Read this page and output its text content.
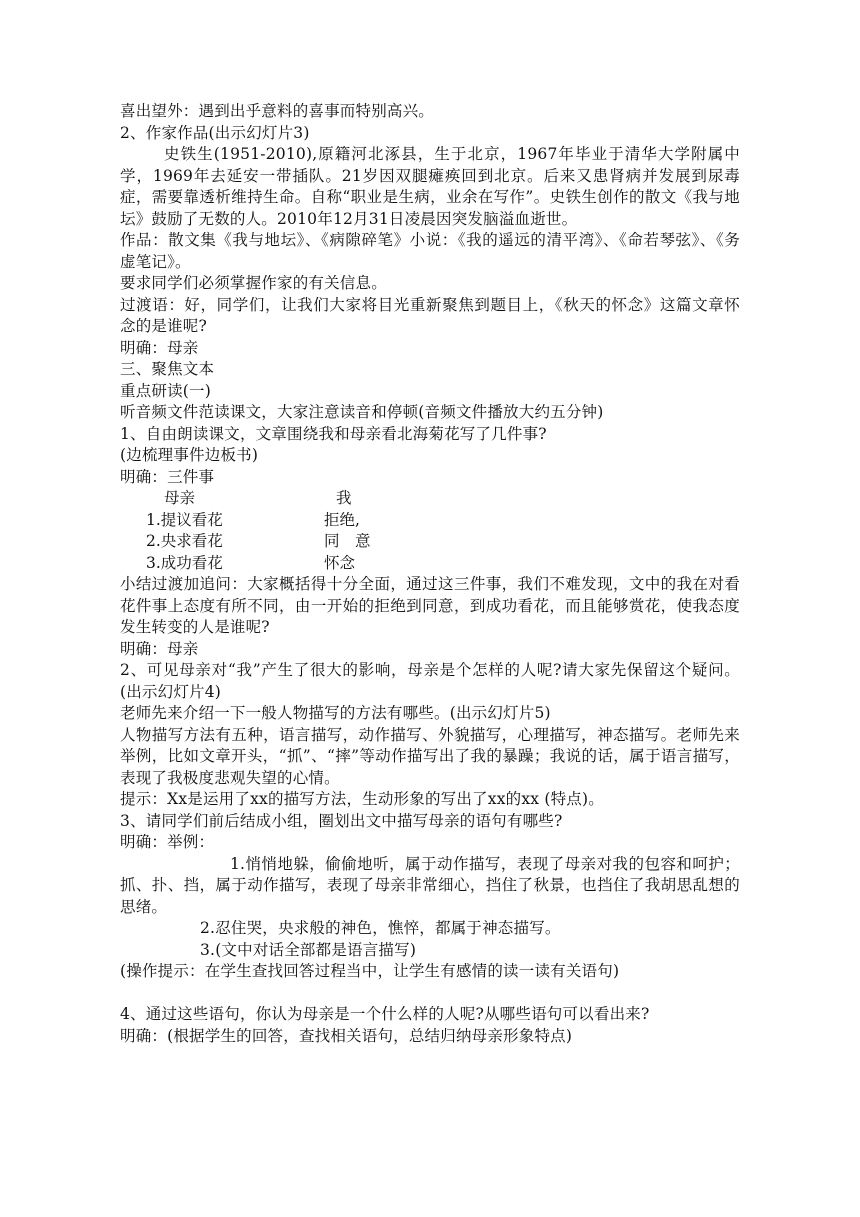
喜出望外：遇到出乎意料的喜事而特别高兴。
2、作家作品(出示幻灯片3)
史铁生(1951-2010),原籍河北涿县，生于北京，1967年毕业于清华大学附属中学，1969年去延安一带插队。21岁因双腿瘫痪回到北京。后来又患肾病并发展到尿毒症，需要靠透析维持生命。自称“职业是生病，业余在写作”。史铁生创作的散文《我与地坛》鼓励了无数的人。2010年12月31日凌晨因突发脑溢血逝世。
作品：散文集《我与地坛》、《病隙碎笔》小说：《我的遥远的清平湾》、《命若琴弦》、《务虚笔记》。
要求同学们必须掌握作家的有关信息。
过渡语：好，同学们，让我们大家将目光重新聚焦到题目上，《秋天的怀念》这篇文章怀念的是谁呢?
明确：母亲
三、聚焦文本
重点研读(一)
听音频文件范读课文，大家注意读音和停顿(音频文件播放大约五分钟)
1、自由朗读课文，文章围绕我和母亲看北海菊花写了几件事?
(边梳理事件边板书)
明确：三件事
母亲	我
1.提议看花	拒绝,
2.央求看花	同　意
3.成功看花	怀念
小结过渡加追问：大家概括得十分全面，通过这三件事，我们不难发现，文中的我在对看花件事上态度有所不同，由一开始的拒绝到同意，到成功看花，而且能够赏花，使我态度发生转变的人是谁呢?
明确：母亲
2、可见母亲对“我”产生了很大的影响，母亲是个怎样的人呢?请大家先保留这个疑问。(出示幻灯片4)
老师先来介绍一下一般人物描写的方法有哪些。(出示幻灯片5)
人物描写方法有五种，语言描写，动作描写、外貌描写，心理描写，神态描写。老师先来举例，比如文章开头，“抓”、“摔”等动作描写出了我的暴躁；我说的话，属于语言描写，表现了我极度悲观失望的心情。
提示：Xx是运用了xx的描写方法，生动形象的写出了xx的xx (特点)。
3、请同学们前后结成小组，圈划出文中描写母亲的语句有哪些?
明确：举例：
1.悄悄地躲，偷偷地听，属于动作描写，表现了母亲对我的包容和呵护；抓、扑、挡，属于动作描写，表现了母亲非常细心，挡住了秋景，也挡住了我胡思乱想的思绪。
2.忍住哭，央求般的神色，憔悴，都属于神态描写。
3.(文中对话全部都是语言描写)
(操作提示：在学生查找回答过程当中，让学生有感情的读一读有关语句)
4、通过这些语句，你认为母亲是一个什么样的人呢?从哪些语句可以看出来?
明确：(根据学生的回答，查找相关语句，总结归纳母亲形象特点)
